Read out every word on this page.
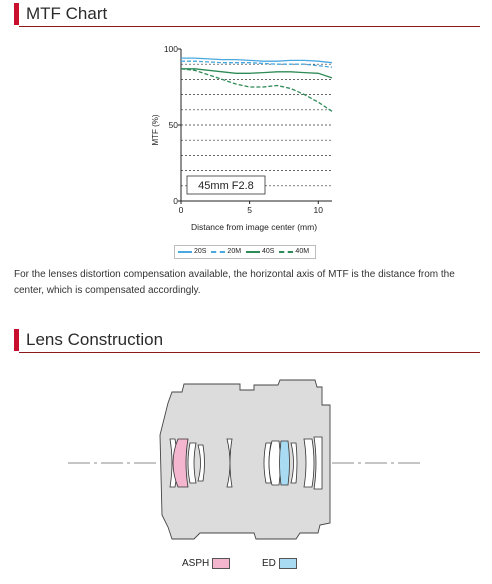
MTF Chart
0
50
100
0	5	10
MTF (%)
Distance from image center (mm)
45mm F2.8
20S	20M	40S	40M
For the lenses distortion compensation available, the horizontal axis of MTF is the distance from the center, which is compensated accordingly.
Lens Construction
ASPH	ED
